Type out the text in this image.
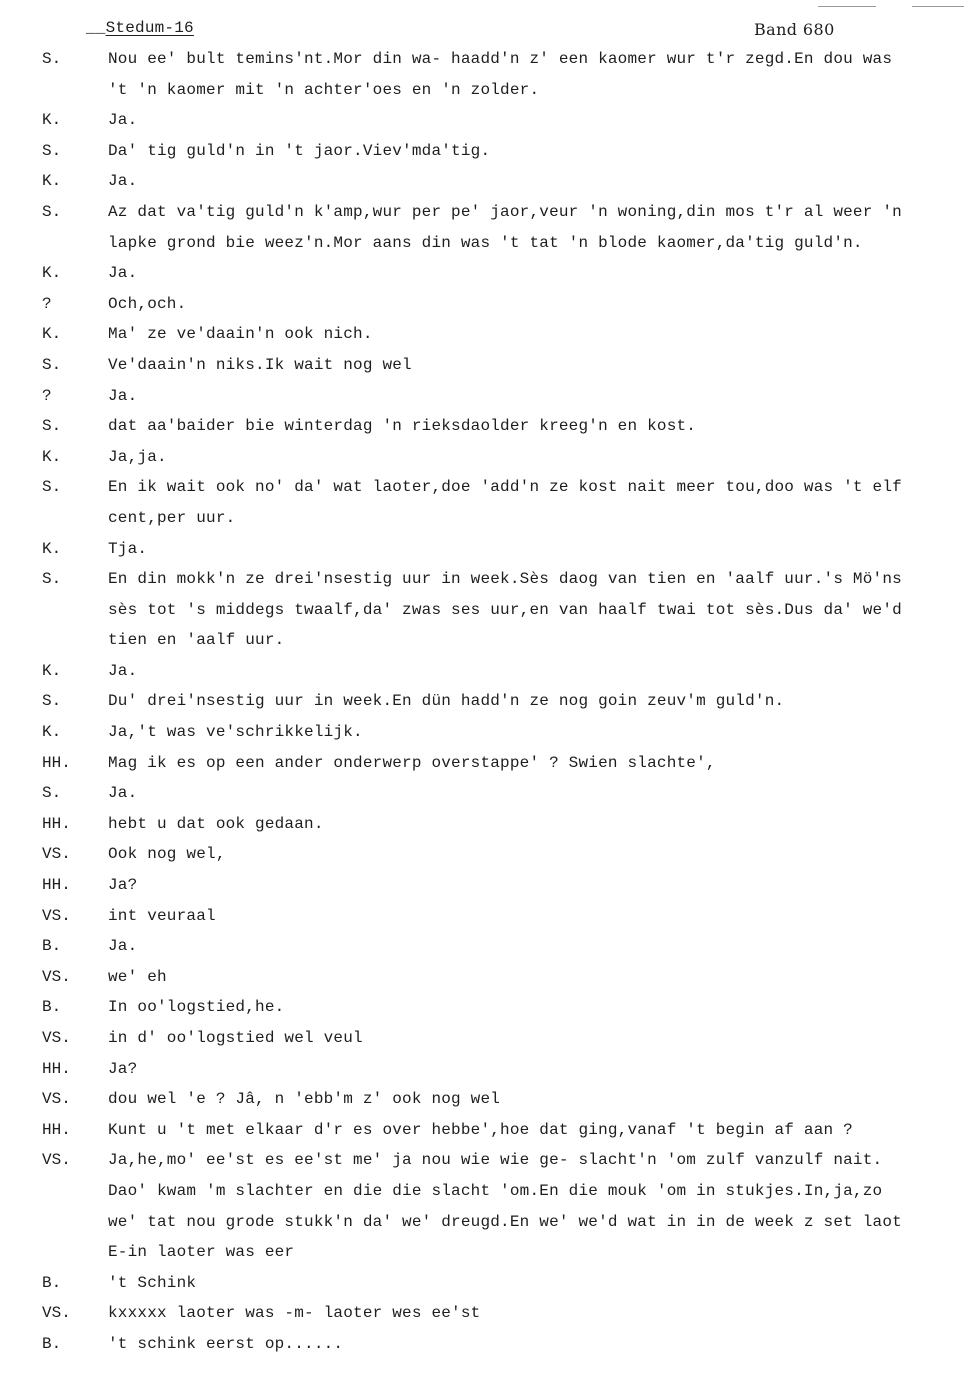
__Stedum-16	Band 680
S.	Nou ee' bult temins'nt.Mor din wa- haadd'n z' een kaomer wur t'r zegd.En dou was
't 'n kaomer mit 'n achter'oes en 'n zolder.
K.	Ja.
S.	Da' tig guld'n in 't jaor.Viev'mda'tig.
K.	Ja.
S.	Az dat va'tig guld'n k'amp,wur per pe' jaor,veur 'n woning,din mos t'r al weer 'n
lapke grond bie weez'n.Mor aans din was 't tat 'n blode kaomer,da'tig guld'n.
K.	Ja.
?	Och,och.
K.	Ma' ze ve'daain'n ook nich.
S.	Ve'daain'n niks.Ik wait nog wel
?	Ja.
S.	dat aa'baider bie winterdag 'n rieksdaolder kreeg'n en kost.
K.	Ja,ja.
S.	En ik wait ook no' da' wat laoter,doe 'add'n ze kost nait meer tou,doo was 't elf
cent,per uur.
K.	Tja.
S.	En din mokk'n ze drei'nsestig uur in week.Sès daog van tien en 'aalf uur.'s Mö'ns
sès tot 's middegs twaalf,da' zwas ses uur,en van haalf twai tot sès.Dus da' we'd
tien en 'aalf uur.
K.	Ja.
S.	Du' drei'nsestig uur in week.En dün hadd'n ze nog goin zeuv'm guld'n.
K.	Ja,'t was ve'schrikkelijk.
HH.	Mag ik es op een ander onderwerp overstappe' ? Swien slachte',
S.	Ja.
HH.	hebt u dat ook gedaan.
VS.	Ook nog wel,
HH.	Ja?
VS.	int veuraal
B.	Ja.
VS.	we' eh
B.	In oo'logstied,he.
VS.	in d' oo'logstied wel veul
HH.	Ja?
VS.	dou wel 'e ? Jâ, n 'ebb'm z' ook nog wel
HH.	Kunt u 't met elkaar d'r es over hebbe',hoe dat ging,vanaf 't begin af aan ?
VS.	Ja,he,mo' ee'st es ee'st me' ja nou wie wie ge- slacht'n 'om zulf vanzulf nait.
Dao' kwam 'm slachter en die die slacht 'om.En die mouk 'om in stukjes.In,ja,zo
we' tat nou grode stukk'n da' we' dreugd.En we' we'd wat in in de week z set laot
E-in laoter was eer
B.	't Schink
VS.	kxxxxx laoter was -m- laoter wes ee'st
B.	't schink eerst op......
